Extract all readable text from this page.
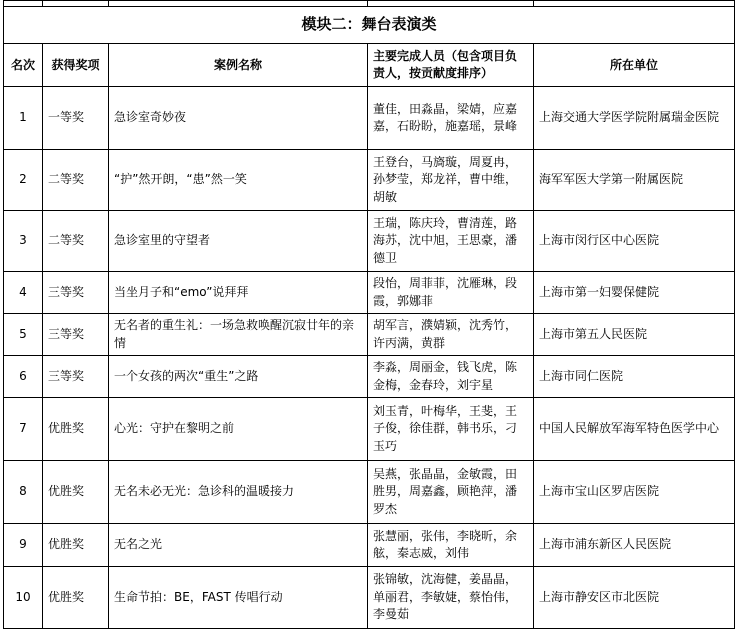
模块二：舞台表演类				
名次	获得奖项	案例名称	主要完成人员（包含项目负责人，按贡献度排序）	所在单位
1	一等奖	急诊室奇妙夜	董佳，田淼晶，梁婧，应嘉嘉，石盼盼，施嘉瑶，景峰	上海交通大学医学院附属瑞金医院
2	二等奖	“护”然开朗，“患”然一笑	王登台，马旖璇，周夏冉，孙梦莹，郑龙祥，曹中维，胡敏	海军军医大学第一附属医院
3	二等奖	急诊室里的守望者	王瑞，陈庆玲，曹清莲，路海苏，沈中旭，王思豪，潘德卫	上海市闵行区中心医院
4	三等奖	当坐月子和“emo”说拜拜	段怡，周菲菲，沈雁琳，段霞，郭娜菲	上海市第一妇婴保健院
5	三等奖	无名者的重生礼：一场急救唤醒沉寂廿年的亲情	胡军言，濮婧颖，沈秀竹，许丙满，黄群	上海市第五人民医院
6	三等奖	一个女孩的两次“重生”之路	李淼，周丽金，钱飞虎，陈金梅，金春玲，刘宇星	上海市同仁医院
7	优胜奖	心光：守护在黎明之前	刘玉青，叶梅华，王斐，王子俊，徐佳群，韩书乐，刁玉巧	中国人民解放军海军特色医学中心
8	优胜奖	无名未必无光：急诊科的温暖接力	吴燕，张晶晶，金敏霞，田胜男，周嘉鑫，顾艳萍，潘罗杰	上海市宝山区罗店医院
9	优胜奖	无名之光	张慧丽，张伟，李晓昕，余舷，秦志威，刘伟	上海市浦东新区人民医院
10	优胜奖	生命节拍：BE，FAST 传唱行动	张锦敏，沈海健，姜晶晶，单丽君，李敏婕，蔡怡伟，李曼茹	上海市静安区市北医院
